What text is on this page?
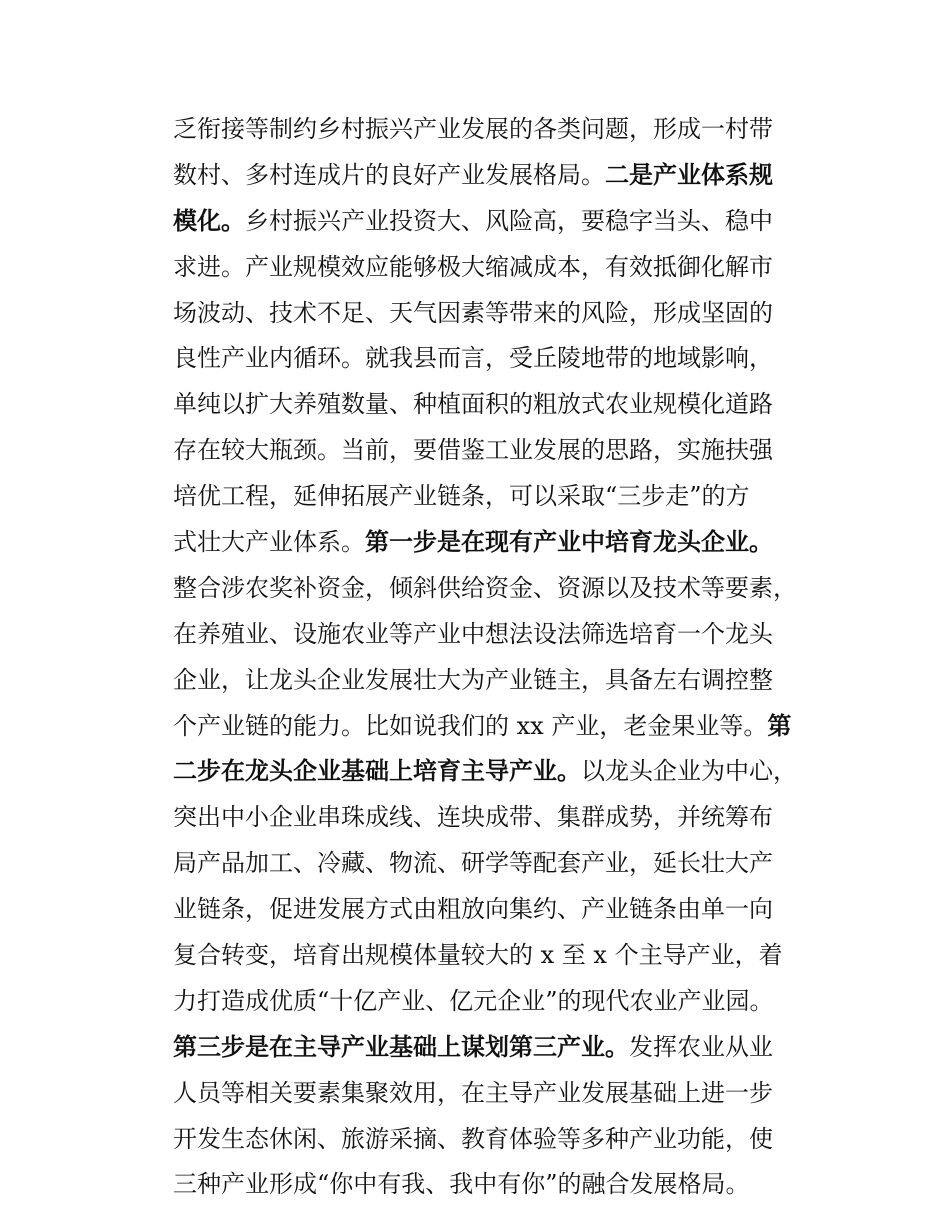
乏衔接等制约乡村振兴产业发展的各类问题，形成一村带
数村、多村连成片的良好产业发展格局。二是产业体系规
模化。乡村振兴产业投资大、风险高，要稳字当头、稳中
求进。产业规模效应能够极大缩减成本，有效抵御化解市
场波动、技术不足、天气因素等带来的风险，形成坚固的
良性产业内循环。就我县而言，受丘陵地带的地域影响，
单纯以扩大养殖数量、种植面积的粗放式农业规模化道路
存在较大瓶颈。当前，要借鉴工业发展的思路，实施扶强
培优工程，延伸拓展产业链条，可以采取“三步走”的方
式壮大产业体系。第一步是在现有产业中培育龙头企业。
整合涉农奖补资金，倾斜供给资金、资源以及技术等要素，
在养殖业、设施农业等产业中想法设法筛选培育一个龙头
企业，让龙头企业发展壮大为产业链主，具备左右调控整
个产业链的能力。比如说我们的 xx 产业，老金果业等。第
二步在龙头企业基础上培育主导产业。以龙头企业为中心，
突出中小企业串珠成线、连块成带、集群成势，并统筹布
局产品加工、冷藏、物流、研学等配套产业，延长壮大产
业链条，促进发展方式由粗放向集约、产业链条由单一向
复合转变，培育出规模体量较大的 x 至 x 个主导产业，着
力打造成优质“十亿产业、亿元企业”的现代农业产业园。
第三步是在主导产业基础上谋划第三产业。发挥农业从业
人员等相关要素集聚效用，在主导产业发展基础上进一步
开发生态休闲、旅游采摘、教育体验等多种产业功能，使
三种产业形成“你中有我、我中有你”的融合发展格局。
